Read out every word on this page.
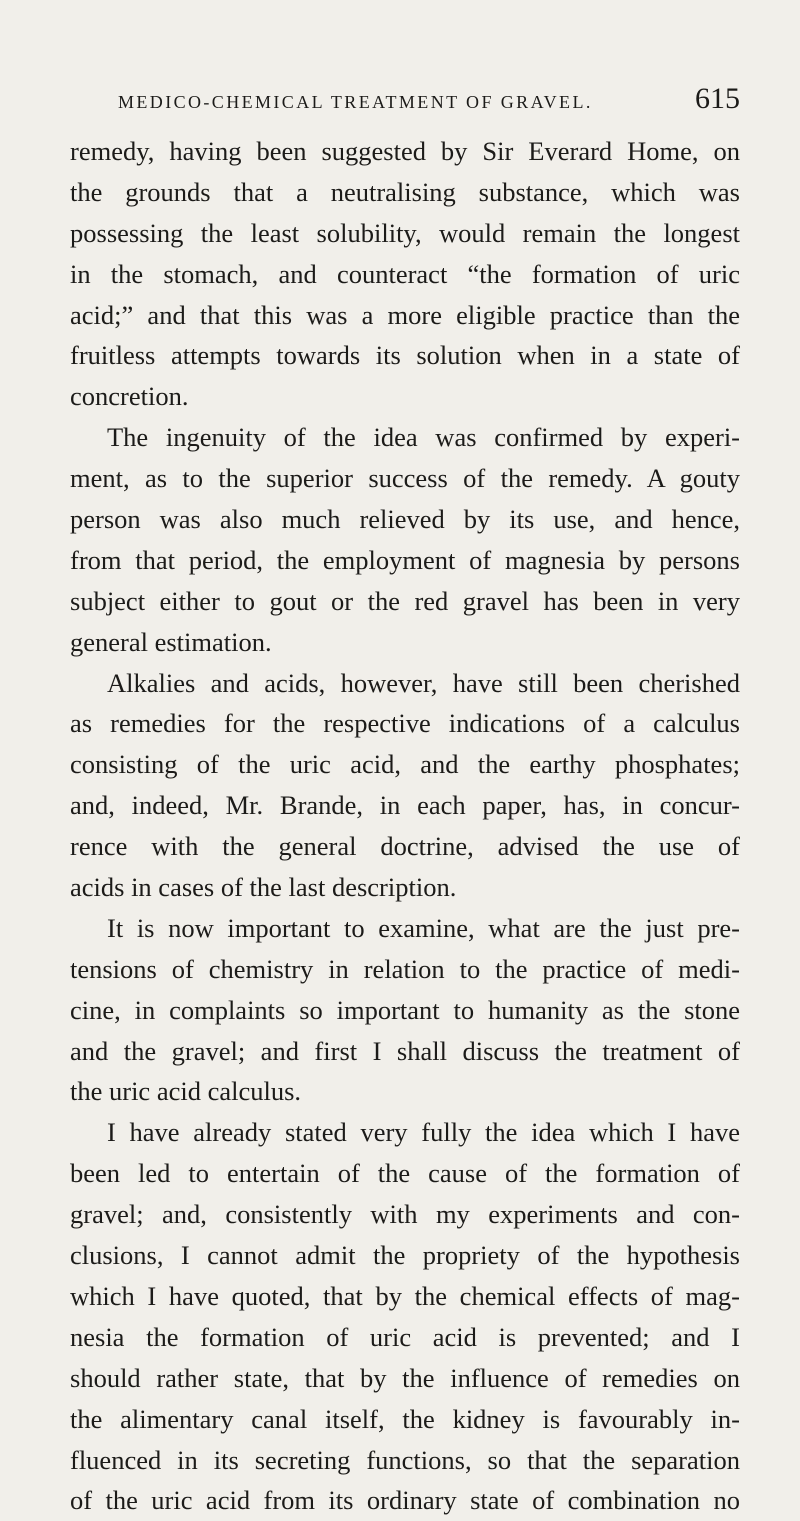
MEDICO-CHEMICAL TREATMENT OF GRAVEL.	615
remedy, having been suggested by Sir Everard Home, on
the grounds that a neutralising substance, which was
possessing the least solubility, would remain the longest
in the stomach, and counteract “the formation of uric
acid;” and that this was a more eligible practice than the
fruitless attempts towards its solution when in a state of
concretion.
The ingenuity of the idea was confirmed by experi-
ment, as to the superior success of the remedy. A gouty
person was also much relieved by its use, and hence,
from that period, the employment of magnesia by persons
subject either to gout or the red gravel has been in very
general estimation.
Alkalies and acids, however, have still been cherished
as remedies for the respective indications of a calculus
consisting of the uric acid, and the earthy phosphates;
and, indeed, Mr. Brande, in each paper, has, in concur-
rence with the general doctrine, advised the use of
acids in cases of the last description.
It is now important to examine, what are the just pre-
tensions of chemistry in relation to the practice of medi-
cine, in complaints so important to humanity as the stone
and the gravel; and first I shall discuss the treatment of
the uric acid calculus.
I have already stated very fully the idea which I have
been led to entertain of the cause of the formation of
gravel; and, consistently with my experiments and con-
clusions, I cannot admit the propriety of the hypothesis
which I have quoted, that by the chemical effects of mag-
nesia the formation of uric acid is prevented; and I
should rather state, that by the influence of remedies on
the alimentary canal itself, the kidney is favourably in-
fluenced in its secreting functions, so that the separation
of the uric acid from its ordinary state of combination no
